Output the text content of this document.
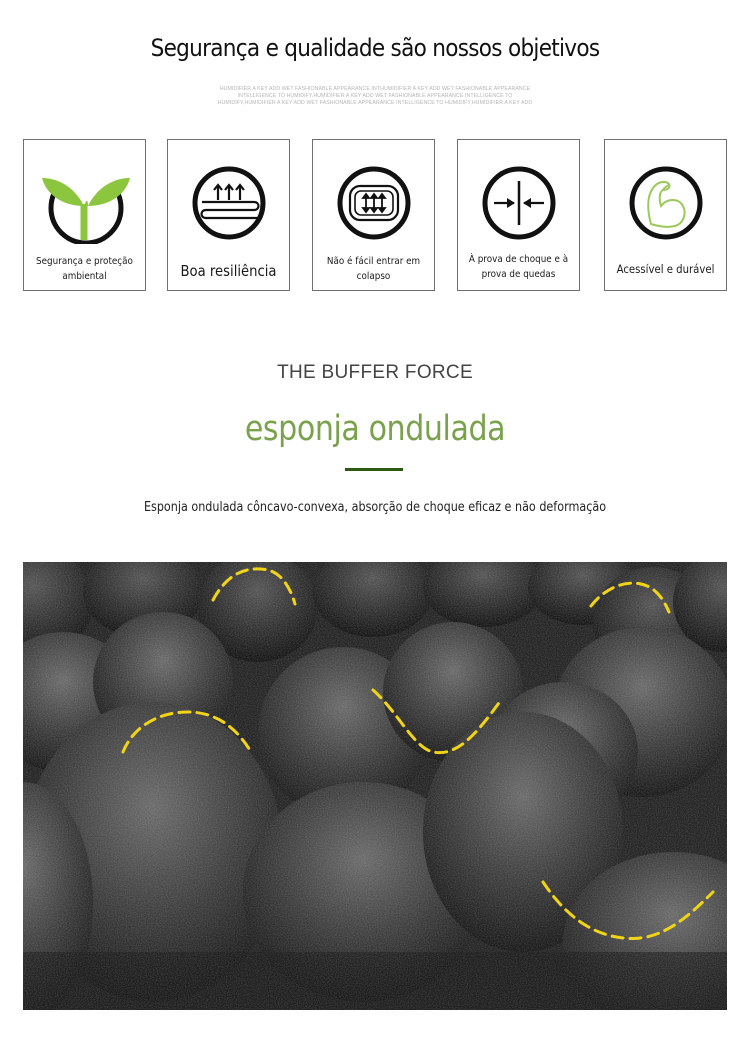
Segurança e qualidade são nossos objetivos
HUMIDIFIER A KEY ADD WET FASHIONABLE APPEARANCE INTHUMIDIFIER A KEY ADD WET FASHIONABLE APPEARANCE
INTELLIGENCE TO HUMIDIFY,HUMIDIFIER A KEY ADD WET FASHIONABLE APPEARANCE INTELLIGENCE TO
HUMIDIFY,HUMIDIFIER A KEY ADD WET FASHIONABLE APPEARANCE INTELLIGENCE TO HUMIDIFY,HUMIDIFIER A KEY ADD
Segurança e proteção ambiental	Boa resiliência
Não é fácil entrar em colapso
À prova de choque e à prova de quedas	Acessível e durável
THE BUFFER FORCE
esponja ondulada
Esponja ondulada côncavo-convexa, absorção de choque eficaz e não deformação
